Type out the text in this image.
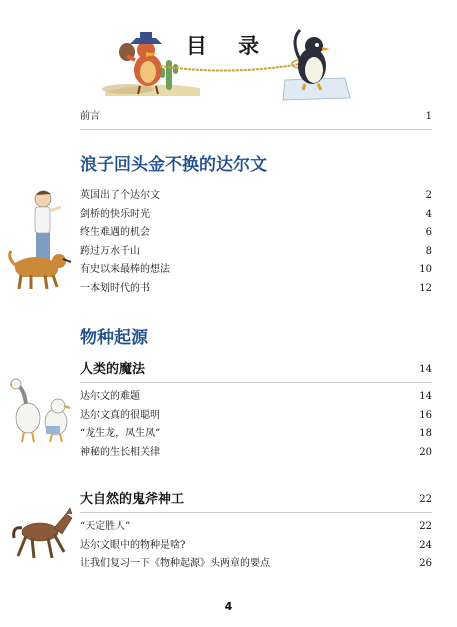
目 录
前言	1
浪子回头金不换的达尔文
英国出了个达尔文	2
剑桥的快乐时光	4
终生难遇的机会	6
跨过万水千山	8
有史以来最棒的想法	10
一本划时代的书	12
物种起源
人类的魔法	14
达尔文的难题	14
达尔文真的很聪明	16
“龙生龙，凤生凤”	18
神秘的生长相关律	20
大自然的鬼斧神工	22
“天定胜人”	22
达尔文眼中的物种是啥?	24
让我们复习一下《物种起源》头两章的要点	26
4
